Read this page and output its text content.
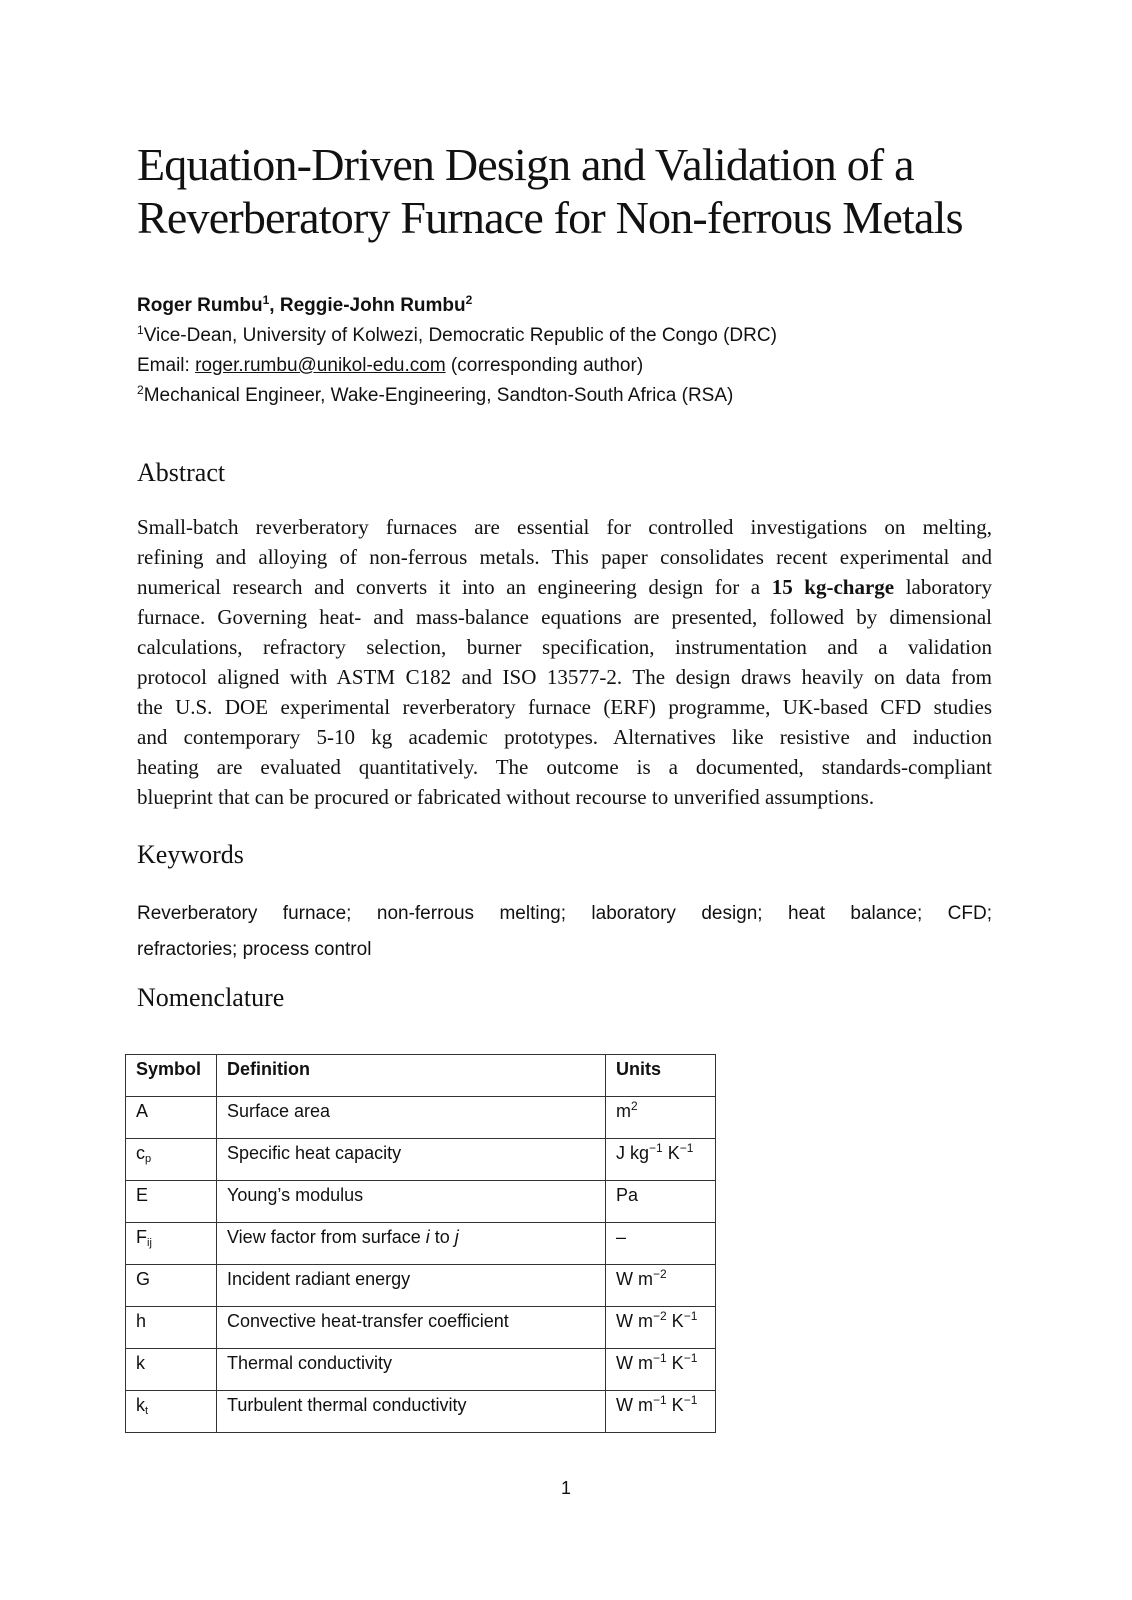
Equation-Driven Design and Validation of a
Reverberatory Furnace for Non-ferrous Metals
Roger Rumbu$^1$, Reggie-John Rumbu$^2$
$^1$Vice-Dean, University of Kolwezi, Democratic Republic of the Congo (DRC)
Email: roger.rumbu@unikol-edu.com (corresponding author)
$^2$Mechanical Engineer, Wake-Engineering, Sandton-South Africa (RSA)
Abstract
Small-batch reverberatory furnaces are essential for controlled investigations on melting,
refining and alloying of non-ferrous metals. This paper consolidates recent experimental and
numerical research and converts it into an engineering design for a 15 kg-charge laboratory
furnace. Governing heat- and mass-balance equations are presented, followed by dimensional
calculations, refractory selection, burner specification, instrumentation and a validation
protocol aligned with ASTM C182 and ISO 13577-2. The design draws heavily on data from
the U.S. DOE experimental reverberatory furnace (ERF) programme, UK-based CFD studies
and contemporary 5-10 kg academic prototypes. Alternatives like resistive and induction
heating are evaluated quantitatively. The outcome is a documented, standards-compliant
blueprint that can be procured or fabricated without recourse to unverified assumptions.
Keywords
Reverberatory furnace; non-ferrous melting; laboratory design; heat balance; CFD;
refractories; process control
Nomenclature
Symbol	Definition	Units
A	Surface area	$m^2$
$c_p$	Specific heat capacity	J $kg^{-1}$ $K^{-1}$
E	Young’s modulus	Pa
$F_{ij}$	View factor from surface i to j	–
G	Incident radiant energy	W $m^{-2}$
h	Convective heat-transfer coefficient	W $m^{-2}$ $K^{-1}$
k	Thermal conductivity	W $m^{-1}$ $K^{-1}$
$k_t$	Turbulent thermal conductivity	W $m^{-1}$ $K^{-1}$
1
